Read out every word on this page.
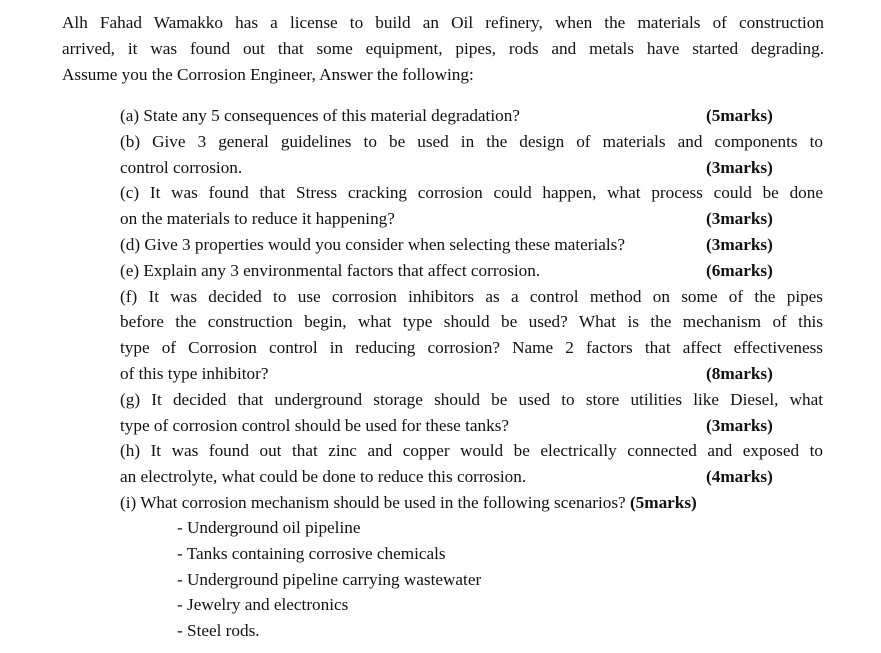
Alh Fahad Wamakko has a license to build an Oil refinery, when the materials of construction
arrived, it was found out that some equipment, pipes, rods and metals have started degrading.
Assume you the Corrosion Engineer, Answer the following:
(a) State any 5 consequences of this material degradation?	(5marks)
(b) Give 3 general guidelines to be used in the design of materials and components to
control corrosion.	(3marks)
(c) It was found that Stress cracking corrosion could happen, what process could be done
on the materials to reduce it happening?	(3marks)
(d) Give 3 properties would you consider when selecting these materials?	(3marks)
(e) Explain any 3 environmental factors that affect corrosion.	(6marks)
(f) It was decided to use corrosion inhibitors as a control method on some of the pipes
before the construction begin, what type should be used? What is the mechanism of this
type of Corrosion control in reducing corrosion? Name 2 factors that affect effectiveness
of this type inhibitor?	(8marks)
(g) It decided that underground storage should be used to store utilities like Diesel, what
type of corrosion control should be used for these tanks?	(3marks)
(h) It was found out that zinc and copper would be electrically connected and exposed to
an electrolyte, what could be done to reduce this corrosion.	(4marks)
(i) What corrosion mechanism should be used in the following scenarios? (5marks)
- Underground oil pipeline
- Tanks containing corrosive chemicals
- Underground pipeline carrying wastewater
- Jewelry and electronics
- Steel rods.
